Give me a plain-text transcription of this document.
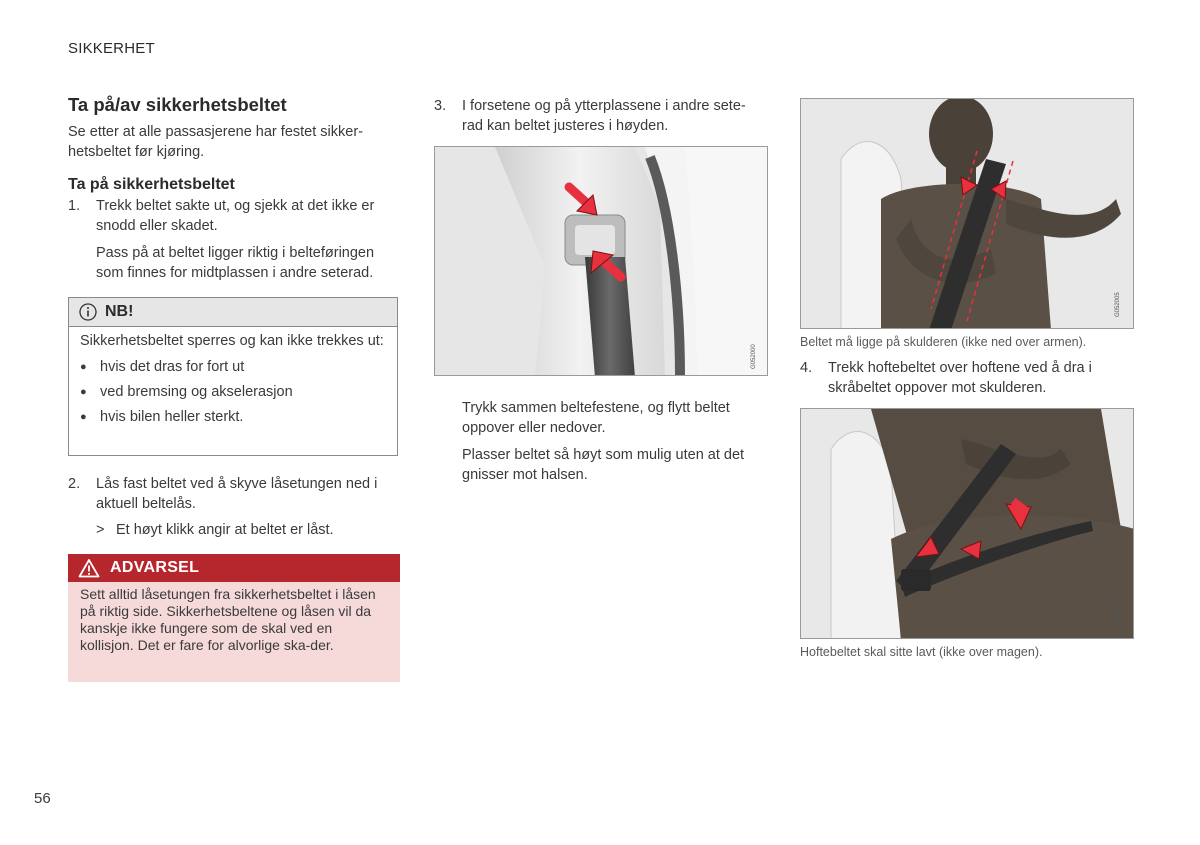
SIKKERHET
Ta på/av sikkerhetsbeltet

Se etter at alle passasjerene har festet sikker-hetsbeltet før kjøring.

Ta på sikkerhetsbeltet
1.	Trekk beltet sakte ut, og sjekk at det ikke er snodd eller skadet.

Pass på at beltet ligger riktig i belteføringen som finnes for midtplassen i andre seterad.

NB!

Sikkerhetsbeltet sperres og kan ikke trekkes ut:

● hvis det dras for fort ut
● ved bremsing og akselerasjon
● hvis bilen heller sterkt.
2.	Lås fast beltet ved å skyve låsetungen ned i aktuell beltelås.
> Et høyt klikk angir at beltet er låst.
ADVARSEL
Sett alltid låsetungen fra sikkerhetsbeltet i låsen på riktig side. Sikkerhetsbeltene og låsen vil da kanskje ikke fungere som de skal ved en kollisjon. Det er fare for alvorlige ska-der.
3.	I forsetene og på ytterplassene i andre sete-rad kan beltet justeres i høyden.
G052000

Trykk sammen beltefestene, og flytt beltet oppover eller nedover.

Plasser beltet så høyt som mulig uten at det gnisser mot halsen.

G052005
Beltet må ligge på skulderen (ikke ned over armen).
4.	Trekk hoftebeltet over hoftene ved å dra i skråbeltet oppover mot skulderen.
G052004
Hoftebeltet skal sitte lavt (ikke over magen).
56
